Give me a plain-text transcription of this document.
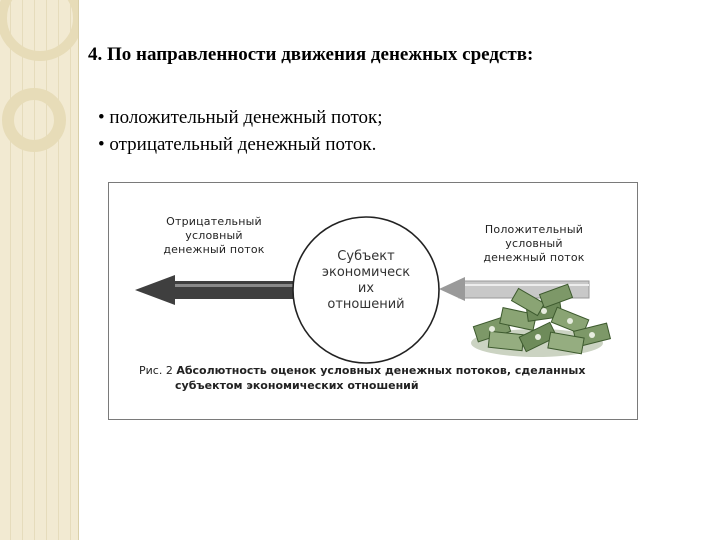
4. По направленности движения денежных средств:
• положительный денежный поток;
• отрицательный денежный поток.
Отрицательный
условный
денежный поток
Положительный
условный
денежный поток
Субъект
экономическ
их
отношений
Рис. 2 Абсолютность оценок условных денежных потоков, сделанных
субъектом экономических отношений
